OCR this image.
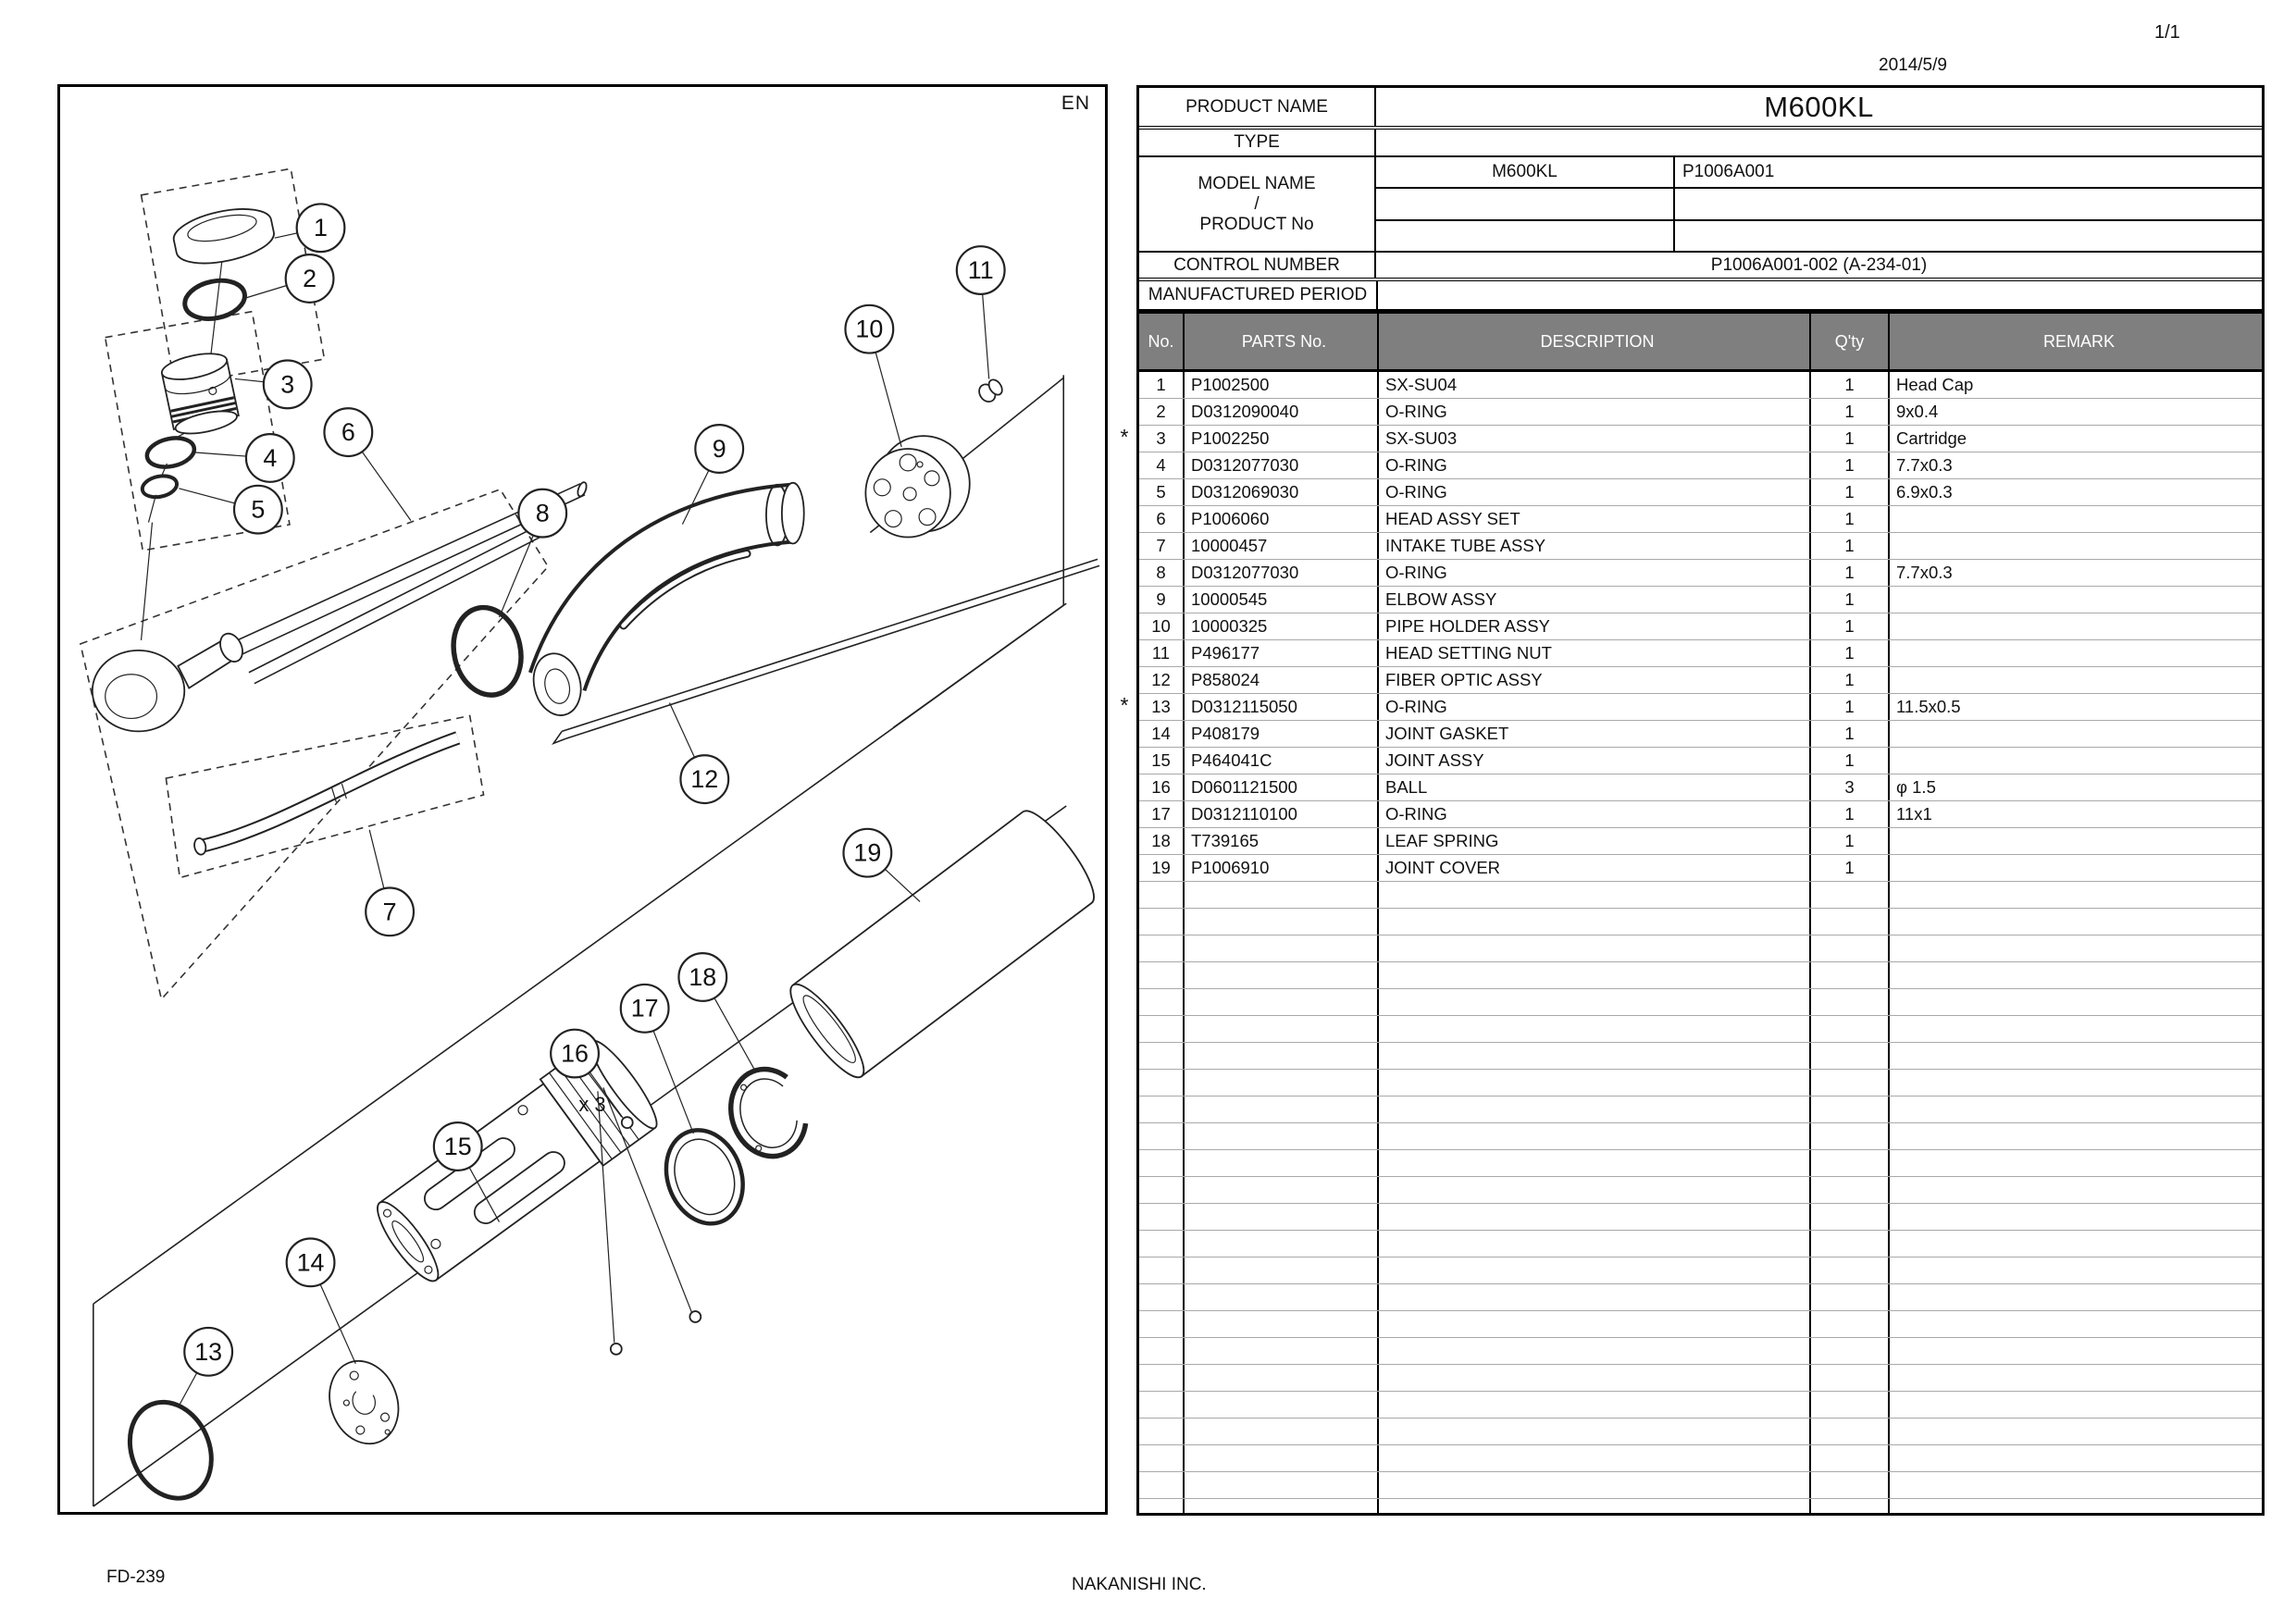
1/1
2014/5/9
1
2
3
4
5
6
7
8
9
10
11
12
13
14
15
16
17
18
19
x 3
EN	PRODUCT NAME	M600KL
TYPE
MODEL NAME
/
PRODUCT No
M600KL	P1006A001
CONTROL NUMBER	P1006A001-002 (A-234-01)
MANUFACTURED PERIOD
No.	PARTS No.	DESCRIPTION	Q'ty	REMARK
1	P1002500	SX-SU04	1	Head Cap
2	D0312090040	O-RING	1	9x0.4
3	P1002250	SX-SU03	1	Cartridge
4	D0312077030	O-RING	1	7.7x0.3
5	D0312069030	O-RING	1	6.9x0.3
6	P1006060	HEAD ASSY SET	1
7	10000457	INTAKE TUBE ASSY	1
8	D0312077030	O-RING	1	7.7x0.3
9	10000545	ELBOW ASSY	1
10	10000325	PIPE HOLDER ASSY	1
11	P496177	HEAD SETTING NUT	1
12	P858024	FIBER OPTIC ASSY	1
13	D0312115050	O-RING	1	11.5x0.5
14	P408179	JOINT GASKET	1
15	P464041C	JOINT ASSY	1
16	D0601121500	BALL	3	φ 1.5
17	D0312110100	O-RING	1	11x1
18	T739165	LEAF SPRING	1
19	P1006910	JOINT COVER	1
*
*
FD-239	NAKANISHI INC.
